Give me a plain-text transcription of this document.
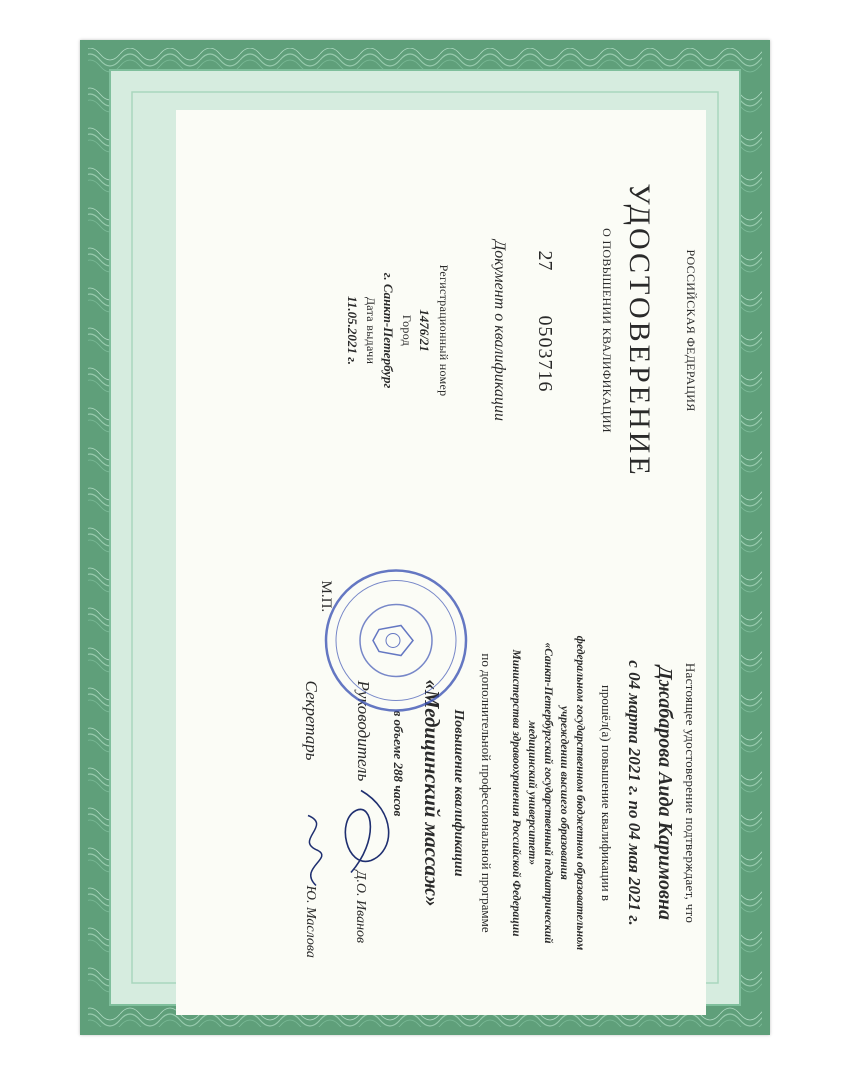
РОССИЙСКАЯ ФЕДЕРАЦИЯ
УДОСТОВЕРЕНИЕ
О ПОВЫШЕНИИ КВАЛИФИКАЦИИ
27
0503716
Документ о квалификации
Регистрационный номер
1476/21
Город
г. Санкт-Петербург
Дата выдачи
11.05.2021 г.
Настоящее удостоверение подтверждает, что
Джабарова Аида Каримовна
с 04 марта 2021 г. по 04 мая 2021 г.
прошёл(а) повышение квалификации в
федеральном государственном бюджетном образовательном
учреждении высшего образования
«Санкт-Петербургский государственный педиатрический
медицинский университет»
Министерства здравоохранения Российской Федерации
по дополнительной профессиональной программе
Повышение квалификации
«Медицинский массаж»
в объеме 288 часов
Руководитель
Д.О. Иванов
М.П.
Секретарь
Ю. Маслова
